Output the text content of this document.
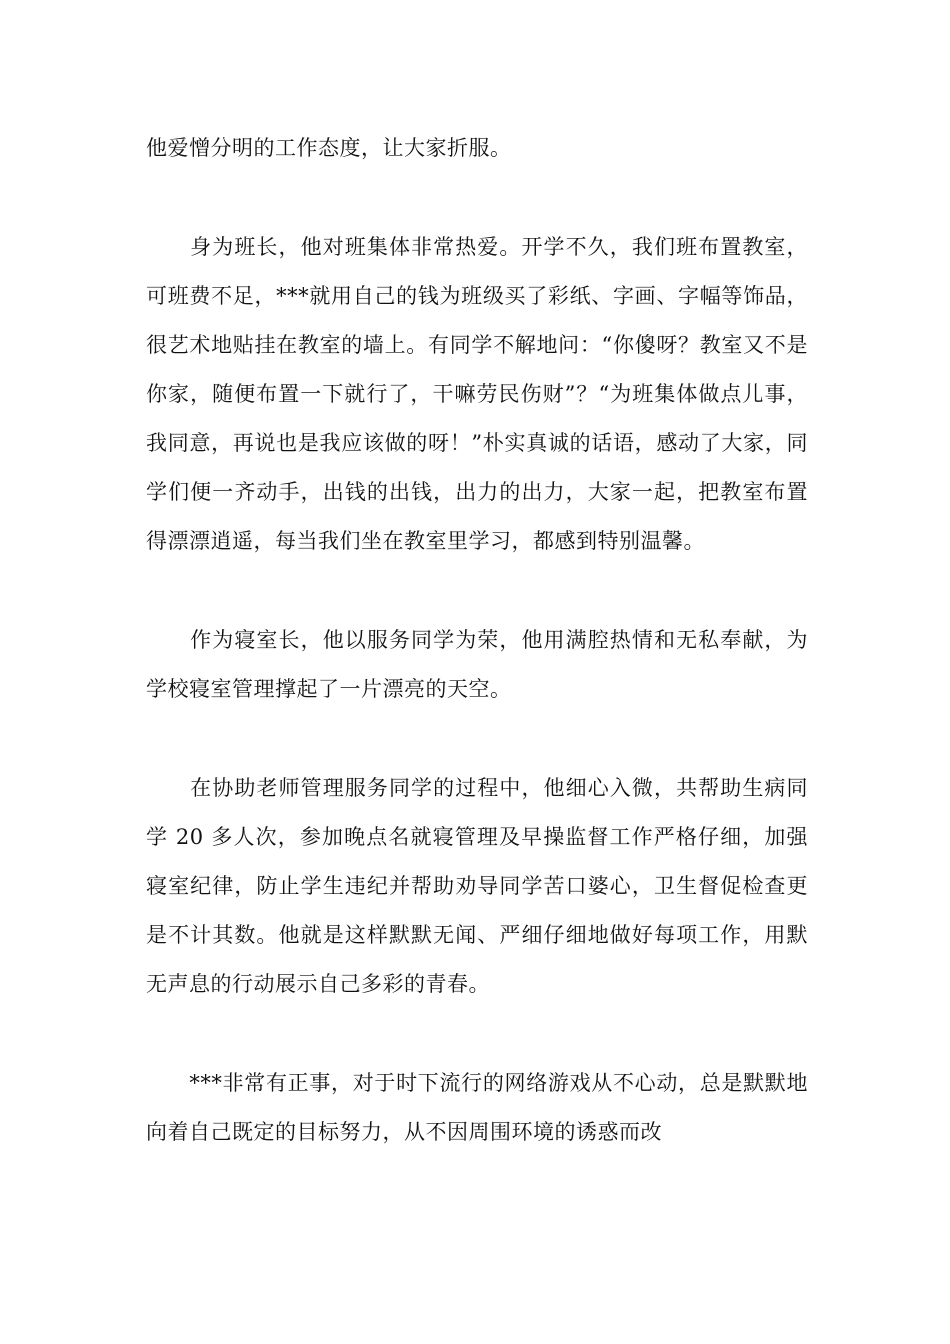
他爱憎分明的工作态度，让大家折服。

　　身为班长，他对班集体非常热爱。开学不久，我们班布置教室，可班费不足，***就用自己的钱为班级买了彩纸、字画、字幅等饰品，很艺术地贴挂在教室的墙上。有同学不解地问：“你傻呀？教室又不是你家，随便布置一下就行了，干嘛劳民伤财”？“为班集体做点儿事，我同意，再说也是我应该做的呀！”朴实真诚的话语，感动了大家，同学们便一齐动手，出钱的出钱，出力的出力，大家一起，把教室布置得漂漂逍遥，每当我们坐在教室里学习，都感到特别温馨。

　　作为寝室长，他以服务同学为荣，他用满腔热情和无私奉献，为学校寝室管理撑起了一片漂亮的天空。

　　在协助老师管理服务同学的过程中，他细心入微，共帮助生病同学 20 多人次，参加晚点名就寝管理及早操监督工作严格仔细，加强寝室纪律，防止学生违纪并帮助劝导同学苦口婆心，卫生督促检查更是不计其数。他就是这样默默无闻、严细仔细地做好每项工作，用默无声息的行动展示自己多彩的青春。

　　***非常有正事，对于时下流行的网络游戏从不心动，总是默默地向着自己既定的目标努力，从不因周围环境的诱惑而改
